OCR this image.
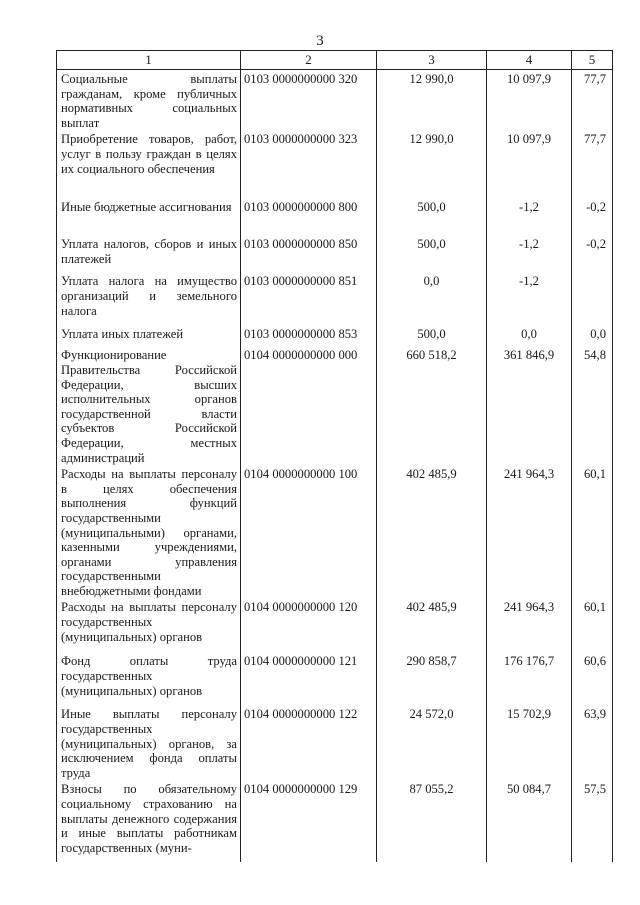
3
1	2	3	4	5
Социальные выплаты гражданам, кроме публичных нормативных социальных выплат	0103 0000000000 320	12 990,0	10 097,9	77,7
Приобретение товаров, работ, услуг в пользу граждан в целях их социального обеспечения	0103 0000000000 323	12 990,0	10 097,9	77,7
Иные бюджетные ассигнования	0103 0000000000 800	500,0	-1,2	-0,2
Уплата налогов, сборов и иных платежей	0103 0000000000 850	500,0	-1,2	-0,2
Уплата налога на имущество организаций и земельного налога	0103 0000000000 851	0,0	-1,2	
Уплата иных платежей	0103 0000000000 853	500,0	0,0	0,0
Функционирование Правительства Российской Федерации, высших исполнительных органов государственной власти субъектов Российской Федерации, местных администраций	0104 0000000000 000	660 518,2	361 846,9	54,8
Расходы на выплаты персоналу в целях обеспечения выполнения функций государственными (муниципальными) органами, казенными учреждениями, органами управления государственными внебюджетными фондами	0104 0000000000 100	402 485,9	241 964,3	60,1
Расходы на выплаты персоналу государственных (муниципальных) органов	0104 0000000000 120	402 485,9	241 964,3	60,1
Фонд оплаты труда государственных (муниципальных) органов	0104 0000000000 121	290 858,7	176 176,7	60,6
Иные выплаты персоналу государственных (муниципальных) органов, за исключением фонда оплаты труда	0104 0000000000 122	24 572,0	15 702,9	63,9
Взносы по обязательному социальному страхованию на выплаты денежного содержания и иные выплаты работникам государственных (муни-	0104 0000000000 129	87 055,2	50 084,7	57,5
